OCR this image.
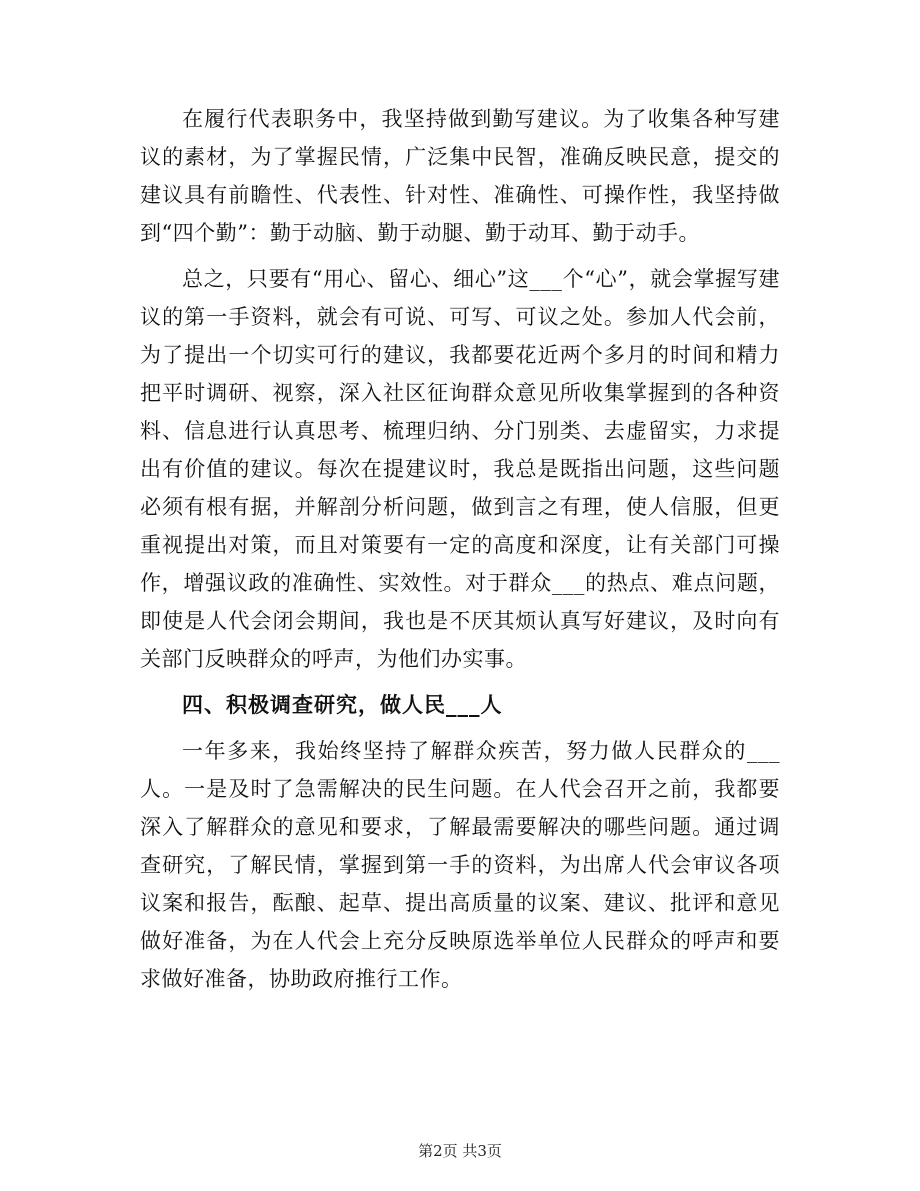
在履行代表职务中，我坚持做到勤写建议。为了收集各种写建议的素材，为了掌握民情，广泛集中民智，准确反映民意，提交的建议具有前瞻性、代表性、针对性、准确性、可操作性，我坚持做到“四个勤”：勤于动脑、勤于动腿、勤于动耳、勤于动手。

总之，只要有“用心、留心、细心”这___个“心”，就会掌握写建议的第一手资料，就会有可说、可写、可议之处。参加人代会前，为了提出一个切实可行的建议，我都要花近两个多月的时间和精力把平时调研、视察，深入社区征询群众意见所收集掌握到的各种资料、信息进行认真思考、梳理归纳、分门别类、去虚留实，力求提出有价值的建议。每次在提建议时，我总是既指出问题，这些问题必须有根有据，并解剖分析问题，做到言之有理，使人信服，但更重视提出对策，而且对策要有一定的高度和深度，让有关部门可操作，增强议政的准确性、实效性。对于群众___的热点、难点问题，即使是人代会闭会期间，我也是不厌其烦认真写好建议，及时向有关部门反映群众的呼声，为他们办实事。

四、积极调查研究，做人民___人

一年多来，我始终坚持了解群众疾苦，努力做人民群众的___人。一是及时了急需解决的民生问题。在人代会召开之前，我都要深入了解群众的意见和要求，了解最需要解决的哪些问题。通过调查研究，了解民情，掌握到第一手的资料，为出席人代会审议各项议案和报告，酝酿、起草、提出高质量的议案、建议、批评和意见做好准备，为在人代会上充分反映原选举单位人民群众的呼声和要求做好准备，协助政府推行工作。

第2页 共3页
